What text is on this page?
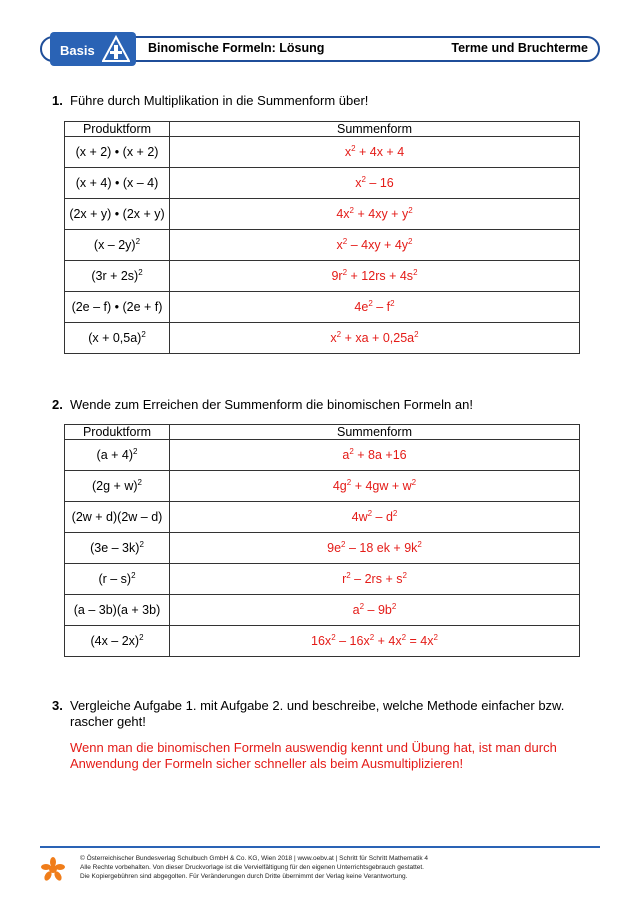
Basis	Binomische Formeln: Lösung	Terme und Bruchterme
1. Führe durch Multiplikation in die Summenform über!
Produktform	Summenform
(x + 2) • (x + 2)	$x^2 + 4x + 4$
(x + 4) • (x – 4)	$x^2 - 16$
(2x + y) • (2x + y)	$4x^2 + 4xy + y^2$
(x – 2y)$^2$	$x^2 - 4xy + 4y^2$
$(3r + 2s)^2$	$9r^2 + 12rs + 4s^2$
(2e – f) • (2e + f)	$4e^2 - f^2$
$(x + 0,5a)^2$	$x^2$ + xa + $0,25a^2$
2. Wende zum Erreichen der Summenform die binomischen Formeln an!
Produktform	Summenform
$(a + 4)^2$	$a^2 + 8a +16$
$(2g + w)^2$	$4g^2 + 4gw + w^2$
(2w + d)(2w – d)	$4w^2 - d^2$
(3e – 3k)$^2$	$9e^2 - 18$ ek + $9k^2$
(r – s)$^2$	$r^2 - 2rs + s^2$
(a – 3b)(a + 3b)	$a^2 - 9b^2$
(4x – 2x)$^2$	$16x^2 - 16x^2 + 4x^2 = 4x^2$
3. Vergleiche Aufgabe 1. mit Aufgabe 2. und beschreibe, welche Methode einfacher bzw. rascher geht!
Wenn man die binomischen Formeln auswendig kennt und Übung hat, ist man durch Anwendung der Formeln sicher schneller als beim Ausmultiplizieren!
© Österreichischer Bundesverlag Schulbuch GmbH & Co. KG, Wien 2018 | www.oebv.at | Schritt für Schritt Mathematik 4
Alle Rechte vorbehalten. Von dieser Druckvorlage ist die Vervielfältigung für den eigenen Unterrichtsgebrauch gestattet.
Die Kopiergebühren sind abgegolten. Für Veränderungen durch Dritte übernimmt der Verlag keine Verantwortung.
